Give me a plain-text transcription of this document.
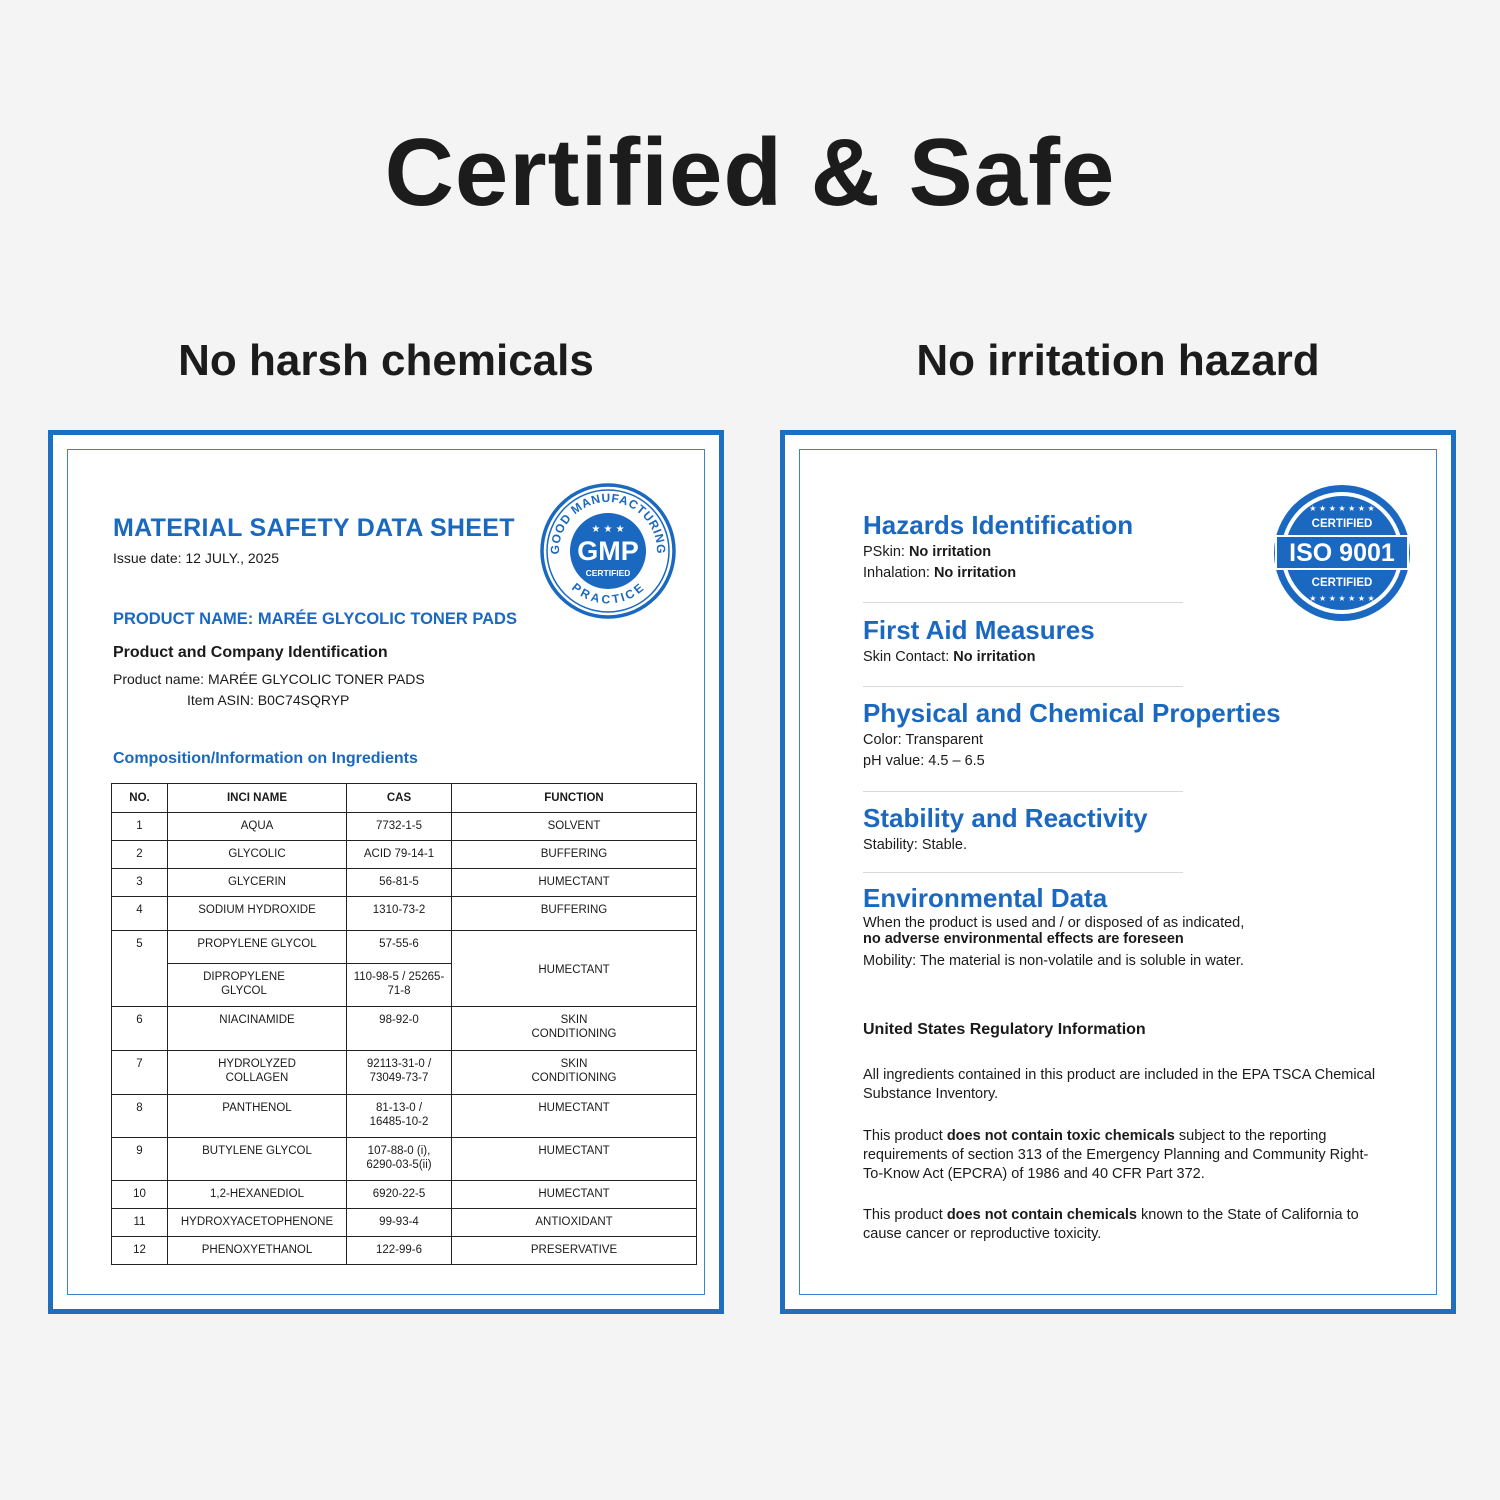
Certified & Safe
No harsh chemicals	No irritation hazard
MATERIAL SAFETY DATA SHEET
Issue date: 12 JULY., 2025
GOOD MANUFACTURING
PRACTICE
★ ★ ★
GMP
CERTIFIED
PRODUCT NAME: MARÉE GLYCOLIC TONER PADS
Product and Company Identification
Product name: MARÉE GLYCOLIC TONER PADS
Item ASIN: B0C74SQRYP
Composition/Information on Ingredients
NO.	INCI NAME	CAS	FUNCTION
1	AQUA	7732-1-5	SOLVENT
2	GLYCOLIC	ACID 79-14-1	BUFFERING
3	GLYCERIN	56-81-5	HUMECTANT
4	SODIUM HYDROXIDE	1310-73-2	BUFFERING
5	PROPYLENE GLYCOL	57-55-6	HUMECTANT
	DIPROPYLENE GLYCOL	110-98-5 / 25265-71-8	
6	NIACINAMIDE	98-92-0	SKIN CONDITIONING
7	HYDROLYZED COLLAGEN	92113-31-0 / 73049-73-7	SKIN CONDITIONING
8	PANTHENOL	81-13-0 / 16485-10-2	HUMECTANT
9	BUTYLENE GLYCOL	107-88-0 (i), 6290-03-5(ii)	HUMECTANT
10	1,2-HEXANEDIOL	6920-22-5	HUMECTANT
11	HYDROXYACETOPHENONE	99-93-4	ANTIOXIDANT
12	PHENOXYETHANOL	122-99-6	PRESERVATIVE
★ ★ ★ ★ ★ ★ ★
★ ★ ★ ★ ★ ★ ★
CERTIFIED
ISO 9001
CERTIFIED
Hazards Identification
PSkin: No irritation
Inhalation: No irritation
First Aid Measures
Skin Contact: No irritation
Physical and Chemical Properties
Color: Transparent
pH value: 4.5 – 6.5
Stability and Reactivity
Stability: Stable.
Environmental Data
When the product is used and / or disposed of as indicated,
no adverse environmental effects are foreseen
Mobility: The material is non-volatile and is soluble in water.
United States Regulatory Information
All ingredients contained in this product are included in the EPA TSCA Chemical Substance Inventory.
This product does not contain toxic chemicals subject to the reporting requirements of section 313 of the Emergency Planning and Community Right-To-Know Act (EPCRA) of 1986 and 40 CFR Part 372.
This product does not contain chemicals known to the State of California to cause cancer or reproductive toxicity.
